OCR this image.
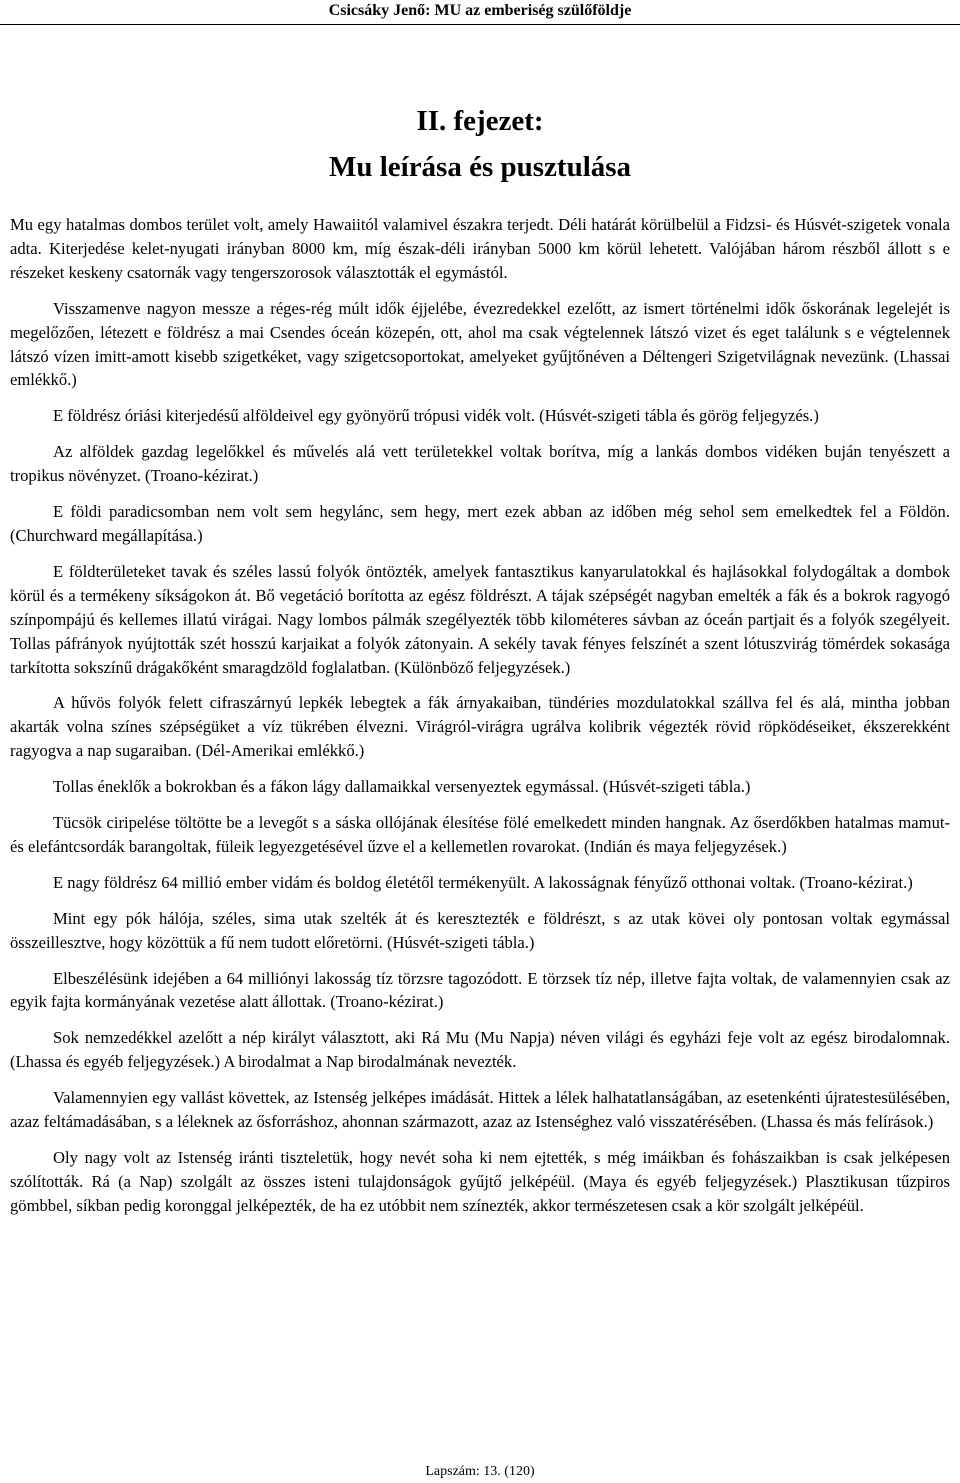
Csicsáky Jenő: MU az emberiség szülőföldje
II. fejezet:
Mu leírása és pusztulása

Mu egy hatalmas dombos terület volt, amely Hawaiitól valamivel északra terjedt. Déli határát körülbelül a Fidzsi- és Húsvét-szigetek vonala adta. Kiterjedése kelet-nyugati irányban 8000 km, míg észak-déli irányban 5000 km körül lehetett. Valójában három részből állott s e részeket keskeny csatornák vagy tengerszorosok választották el egymástól.

Visszamenve nagyon messze a réges-rég múlt idők éjjelébe, évezredekkel ezelőtt, az ismert történelmi idők őskorának legelejét is megelőzően, létezett e földrész a mai Csendes óceán közepén, ott, ahol ma csak végtelennek látszó vizet és eget találunk s e végtelennek látszó vízen imitt-amott kisebb szigetkéket, vagy szigetcsoportokat, amelyeket gyűjtőnéven a Déltengeri Szigetvilágnak nevezünk. (Lhassai emlékkő.)

E földrész óriási kiterjedésű alföldeivel egy gyönyörű trópusi vidék volt. (Húsvét-szigeti tábla és görög feljegyzés.)

Az alföldek gazdag legelőkkel és művelés alá vett területekkel voltak borítva, míg a lankás dombos vidéken buján tenyészett a tropikus növényzet. (Troano-kézirat.)

E földi paradicsomban nem volt sem hegylánc, sem hegy, mert ezek abban az időben még sehol sem emelkedtek fel a Földön. (Churchward megállapítása.)

E földterületeket tavak és széles lassú folyók öntözték, amelyek fantasztikus kanyarulatokkal és hajlásokkal folydogáltak a dombok körül és a termékeny síkságokon át. Bő vegetáció borította az egész földrészt. A tájak szépségét nagyban emelték a fák és a bokrok ragyogó színpompájú és kellemes illatú virágai. Nagy lombos pálmák szegélyezték több kilométeres sávban az óceán partjait és a folyók szegélyeit. Tollas páfrányok nyújtották szét hosszú karjaikat a folyók zátonyain. A sekély tavak fényes felszínét a szent lótuszvirág tömérdek sokasága tarkította sokszínű drágakőként smaragdzöld foglalatban. (Különböző feljegyzések.)

A hűvös folyók felett cifraszárnyú lepkék lebegtek a fák árnyakaiban, tündéries mozdulatokkal szállva fel és alá, mintha jobban akarták volna színes szépségüket a víz tükrében élvezni. Virágról-virágra ugrálva kolibrik végezték rövid röpködéseiket, ékszerekként ragyogva a nap sugaraiban. (Dél-Amerikai emlékkő.)

Tollas éneklők a bokrokban és a fákon lágy dallamaikkal versenyeztek egymással. (Húsvét-szigeti tábla.)

Tücsök ciripelése töltötte be a levegőt s a sáska ollójának élesítése fölé emelkedett minden hangnak. Az őserdőkben hatalmas mamut- és elefántcsordák barangoltak, füleik legyezgetésével űzve el a kellemetlen rovarokat. (Indián és maya feljegyzések.)

E nagy földrész 64 millió ember vidám és boldog életétől termékenyült. A lakosságnak fényűző otthonai voltak. (Troano-kézirat.)

Mint egy pók hálója, széles, sima utak szelték át és keresztezték e földrészt, s az utak kövei oly pontosan voltak egymással összeillesztve, hogy közöttük a fű nem tudott előretörni. (Húsvét-szigeti tábla.)

Elbeszélésünk idejében a 64 milliónyi lakosság tíz törzsre tagozódott. E törzsek tíz nép, illetve fajta voltak, de valamennyien csak az egyik fajta kormányának vezetése alatt állottak. (Troano-kézirat.)

Sok nemzedékkel azelőtt a nép királyt választott, aki Rá Mu (Mu Napja) néven világi és egyházi feje volt az egész birodalomnak. (Lhassa és egyéb feljegyzések.) A birodalmat a Nap birodalmának nevezték.

Valamennyien egy vallást követtek, az Istenség jelképes imádását. Hittek a lélek halhatatlanságában, az esetenkénti újratestesülésében, azaz feltámadásában, s a léleknek az ősforráshoz, ahonnan származott, azaz az Istenséghez való visszatérésében. (Lhassa és más felírások.)

Oly nagy volt az Istenség iránti tiszteletük, hogy nevét soha ki nem ejtették, s még imáikban és fohászaikban is csak jelképesen szólították. Rá (a Nap) szolgált az összes isteni tulajdonságok gyűjtő jelképéül. (Maya és egyéb feljegyzések.) Plasztikusan tűzpiros gömbbel, síkban pedig koronggal jelképezték, de ha ez utóbbit nem színezték, akkor természetesen csak a kör szolgált jelképéül.

Lapszám: 13. (120)
